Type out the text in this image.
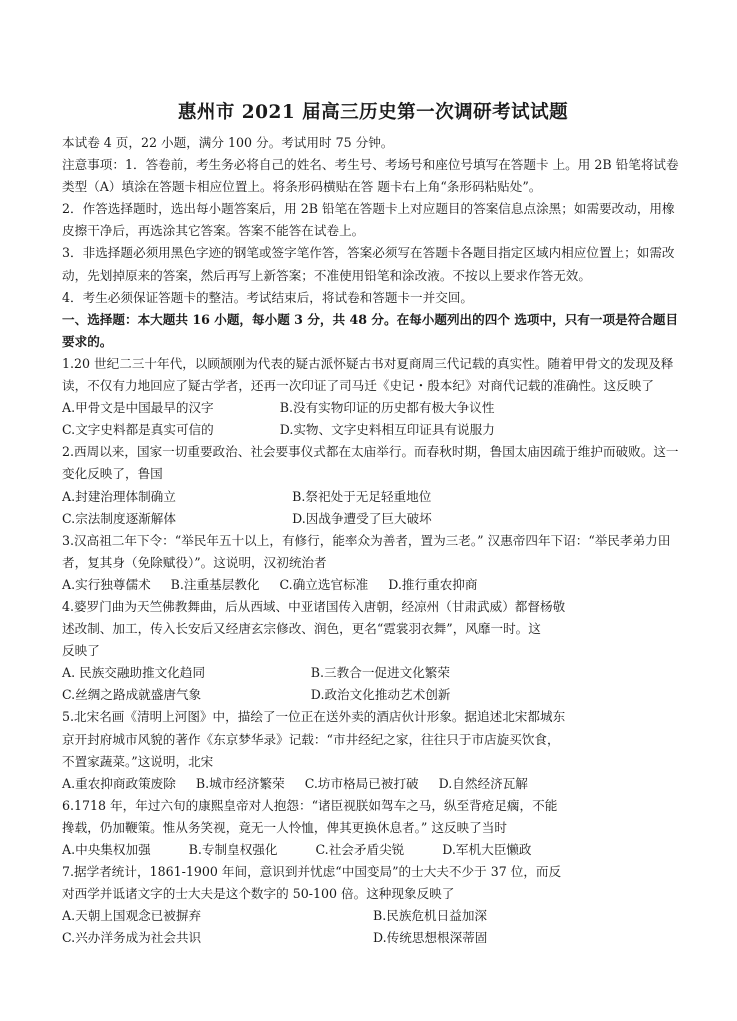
惠州市 2021 届高三历史第一次调研考试试题

本试卷 4 页，22 小题，满分 100 分。考试用时 75 分钟。

注意事项：1．答卷前，考生务必将自己的姓名、考生号、考场号和座位号填写在答题卡 上。用 2B 铅笔将试卷类型（A）填涂在答题卡相应位置上。将条形码横贴在答 题卡右上角“条形码粘贴处”。

2．作答选择题时，选出每小题答案后，用 2B 铅笔在答题卡上对应题目的答案信息点涂黑；如需要改动，用橡皮擦干净后，再选涂其它答案。答案不能答在试卷上。

3．非选择题必须用黑色字迹的钢笔或签字笔作答，答案必须写在答题卡各题目指定区域内相应位置上；如需改动，先划掉原来的答案，然后再写上新答案；不准使用铅笔和涂改液。不按以上要求作答无效。

4．考生必须保证答题卡的整洁。考试结束后，将试卷和答题卡一并交回。

一、选择题：本大题共 16 小题，每小题 3 分，共 48 分。在每小题列出的四个 选项中，只有一项是符合题目要求的。

1.20 世纪二三十年代，以顾颉刚为代表的疑古派怀疑古书对夏商周三代记载的真实性。随着甲骨文的发现及释读，不仅有力地回应了疑古学者，还再一次印证了司马迁《史记・殷本纪》对商代记载的准确性。这反映了

A.甲骨文是中国最早的汉字	B.没有实物印证的历史都有极大争议性
C.文字史料都是真实可信的	D.实物、文字史料相互印证具有说服力

2.西周以来，国家一切重要政治、社会要事仪式都在太庙举行。而春秋时期，鲁国太庙因疏于维护而破败。这一变化反映了，鲁国

A.封建治理体制确立	B.祭祀处于无足轻重地位
C.宗法制度逐渐解体	D.因战争遭受了巨大破坏

3.汉高祖二年下令：“举民年五十以上，有修行，能率众为善者，置为三老。” 汉惠帝四年下诏：“举民孝弟力田者，复其身（免除赋役）”。这说明，汉初统治者

A.实行独尊儒术 B.注重基层教化 C.确立选官标准 D.推行重农抑商

4.婆罗门曲为天竺佛教舞曲，后从西域、中亚诸国传入唐朝，经凉州（甘肃武威）都督杨敬

述改制、加工，传入长安后又经唐玄宗修改、润色，更名“霓裳羽衣舞”，风靡一时。这

反映了

A. 民族交融助推文化趋同	B.三教合一促进文化繁荣
C.丝绸之路成就盛唐气象	D.政治文化推动艺术创新

5.北宋名画《清明上河图》中，描绘了一位正在送外卖的酒店伙计形象。据追述北宋都城东

京开封府城市风貌的著作《东京梦华录》记载：“市井经纪之家，往往只于市店旋买饮食，

不置家蔬菜。”这说明，北宋

A.重农抑商政策废除 B.城市经济繁荣 C.坊市格局已被打破 D.自然经济瓦解

6.1718 年，年过六旬的康熙皇帝对人抱怨：“诸臣视朕如驾车之马，纵至背疮足瘸，不能

搀载，仍加鞭策。惟从务笑视，竟无一人怜恤，俾其更换休息者。” 这反映了当时

A.中央集权加强	B.专制皇权强化	C.社会矛盾尖锐	D.军机大臣懒政

7.据学者统计，1861-1900 年间，意识到并忧虑“中国变局”的士大夫不少于 37 位，而反

对西学并诋诸文字的士大夫是这个数字的 50-100 倍。这种现象反映了

A.天朝上国观念已被摒弃	B.民族危机日益加深
C.兴办洋务成为社会共识	D.传统思想根深蒂固
